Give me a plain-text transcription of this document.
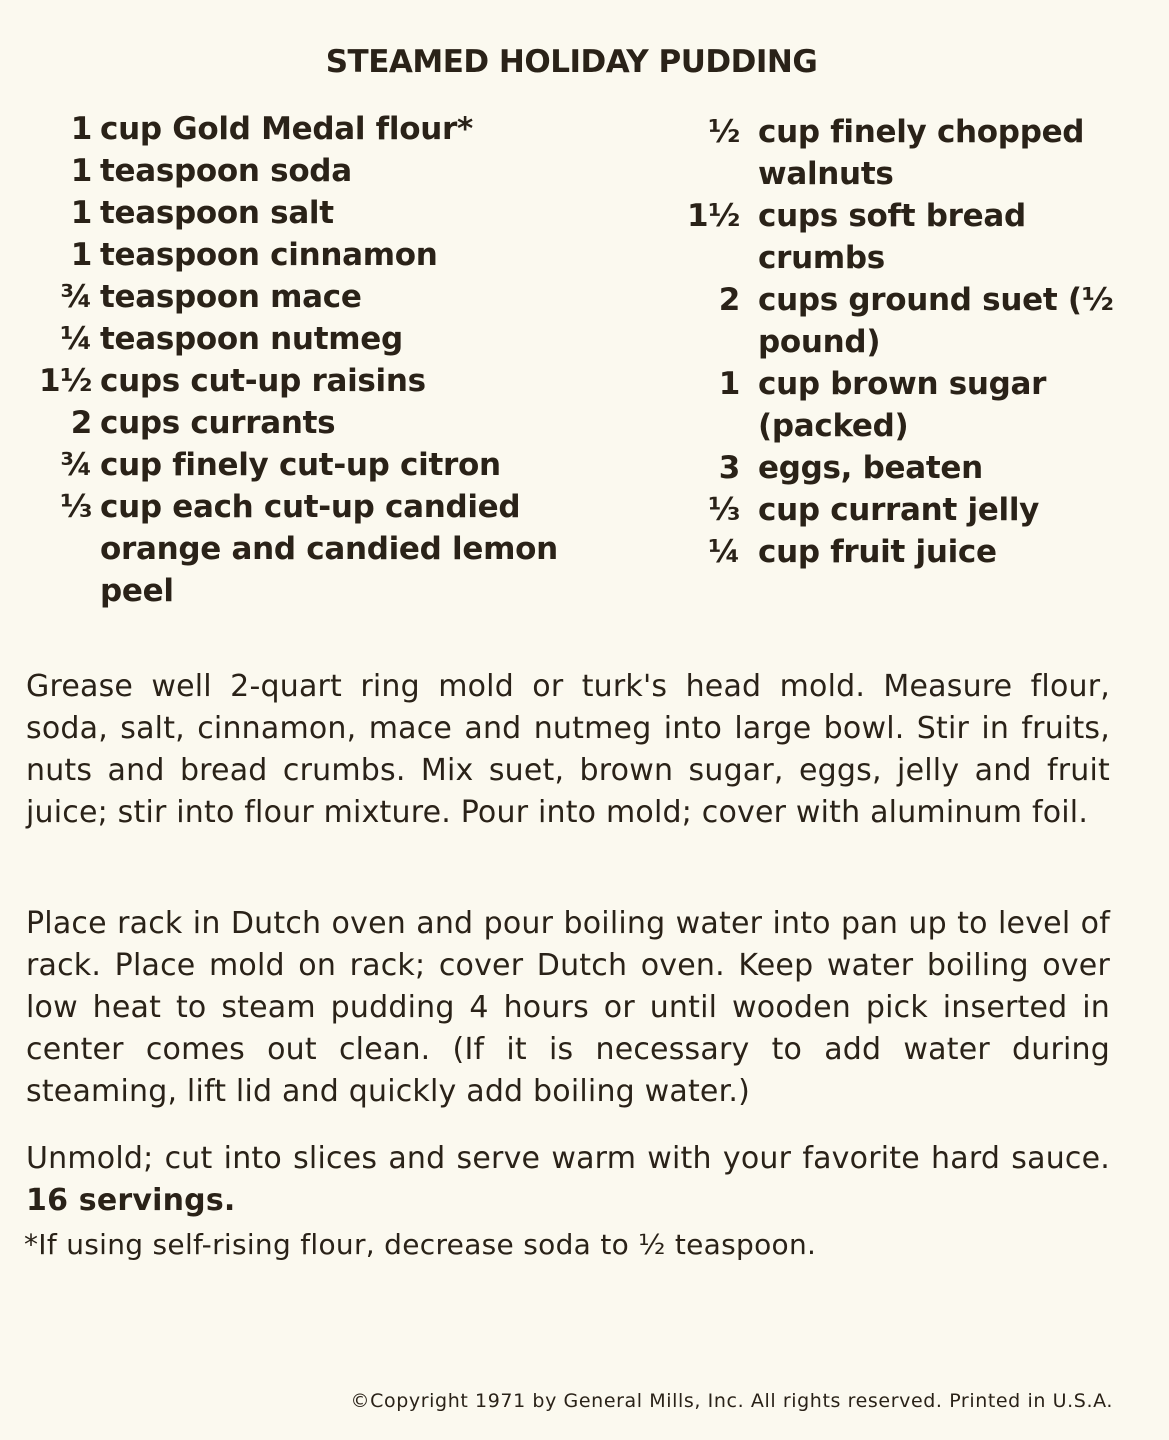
STEAMED HOLIDAY PUDDING
1 cup Gold Medal flour*
1 teaspoon soda
1 teaspoon salt
1 teaspoon cinnamon
¾ teaspoon mace
¼ teaspoon nutmeg
1½ cups cut-up raisins
2 cups currants
¾ cup finely cut-up citron
⅓ cup each cut-up candied orange and candied lemon peel
½ cup finely chopped walnuts
1½ cups soft bread crumbs
2 cups ground suet (½ pound)
1 cup brown sugar (packed)
3 eggs, beaten
⅓ cup currant jelly
¼ cup fruit juice

Grease well 2-quart ring mold or turk's head mold. Measure flour, soda, salt, cinnamon, mace and nutmeg into large bowl. Stir in fruits, nuts and bread crumbs. Mix suet, brown sugar, eggs, jelly and fruit juice; stir into flour mixture. Pour into mold; cover with aluminum foil.

Place rack in Dutch oven and pour boiling water into pan up to level of rack. Place mold on rack; cover Dutch oven. Keep water boiling over low heat to steam pudding 4 hours or until wooden pick inserted in center comes out clean. (If it is necessary to add water during steaming, lift lid and quickly add boiling water.)

Unmold; cut into slices and serve warm with your favorite hard sauce. 16 servings.

*If using self-rising flour, decrease soda to ½ teaspoon.

©Copyright 1971 by General Mills, Inc. All rights reserved. Printed in U.S.A.
